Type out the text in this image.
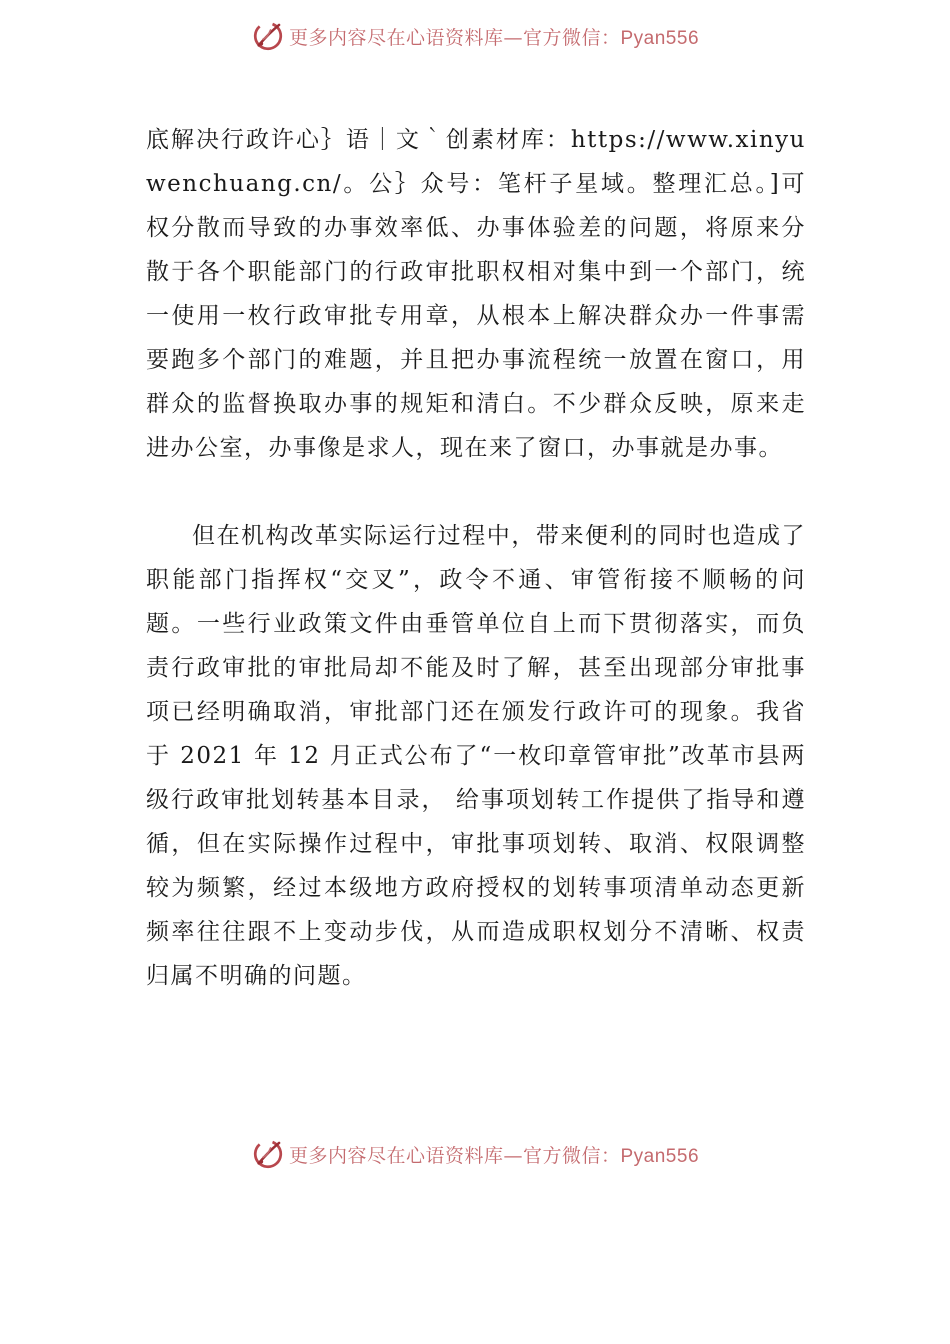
更多内容尽在心语资料库—官方微信：Pyan556

底解决行政许心｝语｜文｀创素材库：https://www.xinyuwenchuang.cn/。公｝众号：笔杆子星域。整理汇总。]可权分散而导致的办事效率低、办事体验差的问题，将原来分散于各个职能部门的行政审批职权相对集中到一个部门，统一使用一枚行政审批专用章，从根本上解决群众办一件事需要跑多个部门的难题，并且把办事流程统一放置在窗口，用群众的监督换取办事的规矩和清白。不少群众反映，原来走进办公室，办事像是求人，现在来了窗口，办事就是办事。

但在机构改革实际运行过程中，带来便利的同时也造成了职能部门指挥权“交叉”，政令不通、审管衔接不顺畅的问题。一些行业政策文件由垂管单位自上而下贯彻落实，而负责行政审批的审批局却不能及时了解，甚至出现部分审批事项已经明确取消，审批部门还在颁发行政许可的现象。我省于 2021 年 12 月正式公布了“一枚印章管审批”改革市县两级行政审批划转基本目录， 给事项划转工作提供了指导和遵循，但在实际操作过程中，审批事项划转、取消、权限调整较为频繁，经过本级地方政府授权的划转事项清单动态更新频率往往跟不上变动步伐，从而造成职权划分不清晰、权责归属不明确的问题。

更多内容尽在心语资料库—官方微信：Pyan556
